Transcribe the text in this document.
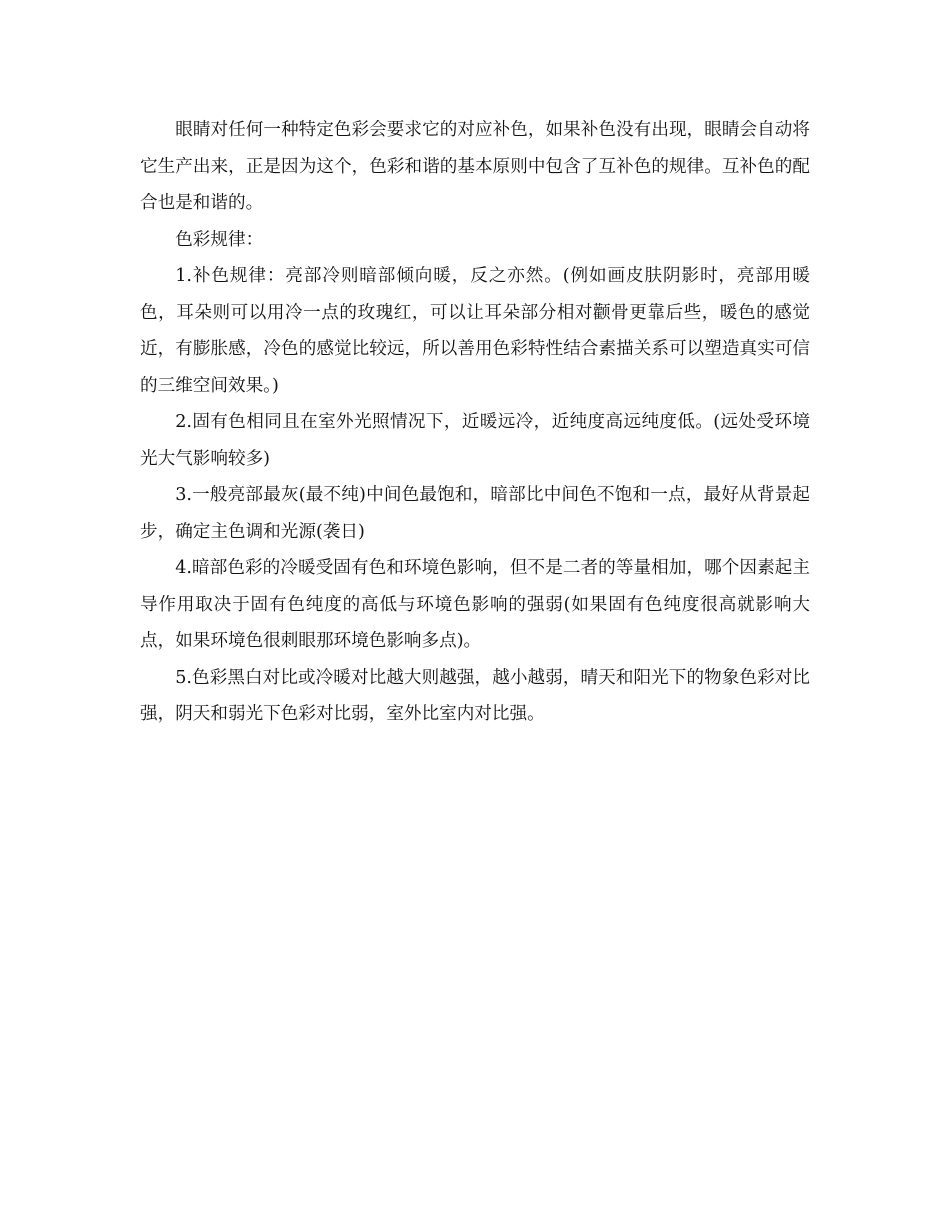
眼睛对任何一种特定色彩会要求它的对应补色，如果补色没有出现，眼睛会自动将它生产出来，正是因为这个，色彩和谐的基本原则中包含了互补色的规律。互补色的配合也是和谐的。

色彩规律：

1.补色规律：亮部冷则暗部倾向暖，反之亦然。(例如画皮肤阴影时，亮部用暖色，耳朵则可以用冷一点的玫瑰红，可以让耳朵部分相对颧骨更靠后些，暖色的感觉近，有膨胀感，冷色的感觉比较远，所以善用色彩特性结合素描关系可以塑造真实可信的三维空间效果。)

2.固有色相同且在室外光照情况下，近暖远冷，近纯度高远纯度低。(远处受环境光大气影响较多)

3.一般亮部最灰(最不纯)中间色最饱和，暗部比中间色不饱和一点，最好从背景起步，确定主色调和光源(袭日)

4.暗部色彩的冷暖受固有色和环境色影响，但不是二者的等量相加，哪个因素起主导作用取决于固有色纯度的高低与环境色影响的强弱(如果固有色纯度很高就影响大点，如果环境色很刺眼那环境色影响多点)。

5.色彩黑白对比或冷暖对比越大则越强，越小越弱，晴天和阳光下的物象色彩对比强，阴天和弱光下色彩对比弱，室外比室内对比强。
